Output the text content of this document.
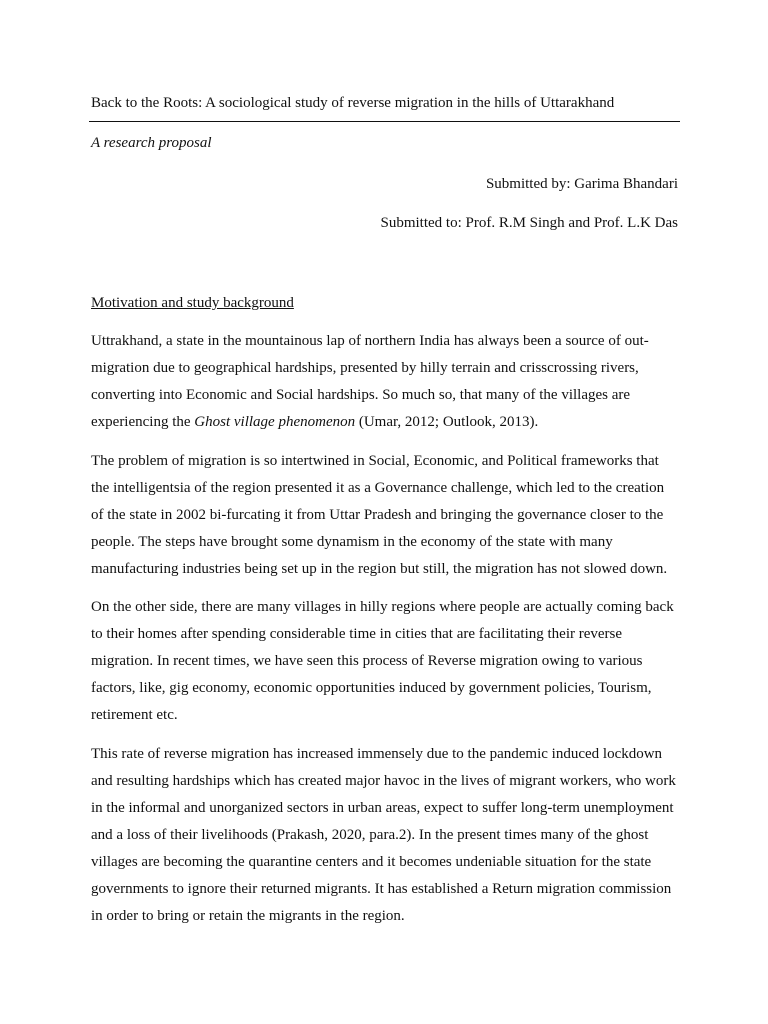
Back to the Roots: A sociological study of reverse migration in the hills of Uttarakhand
A research proposal
Submitted by: Garima Bhandari
Submitted to: Prof. R.M Singh and Prof. L.K Das
Motivation and study background
Uttrakhand, a state in the mountainous lap of northern India has always been a source of out-
migration due to geographical hardships, presented by hilly terrain and crisscrossing rivers,
converting into Economic and Social hardships. So much so, that many of the villages are
experiencing the Ghost village phenomenon (Umar, 2012; Outlook, 2013).
The problem of migration is so intertwined in Social, Economic, and Political frameworks that
the intelligentsia of the region presented it as a Governance challenge, which led to the creation
of the state in 2002 bi-furcating it from Uttar Pradesh and bringing the governance closer to the
people. The steps have brought some dynamism in the economy of the state with many
manufacturing industries being set up in the region but still, the migration has not slowed down.
On the other side, there are many villages in hilly regions where people are actually coming back
to their homes after spending considerable time in cities that are facilitating their reverse
migration. In recent times, we have seen this process of Reverse migration owing to various
factors, like, gig economy, economic opportunities induced by government policies, Tourism,
retirement etc.
This rate of reverse migration has increased immensely due to the pandemic induced lockdown
and resulting hardships which has created major havoc in the lives of migrant workers, who work
in the informal and unorganized sectors in urban areas, expect to suffer long-term unemployment
and a loss of their livelihoods (Prakash, 2020, para.2). In the present times many of the ghost
villages are becoming the quarantine centers and it becomes undeniable situation for the state
governments to ignore their returned migrants. It has established a Return migration commission
in order to bring or retain the migrants in the region.
